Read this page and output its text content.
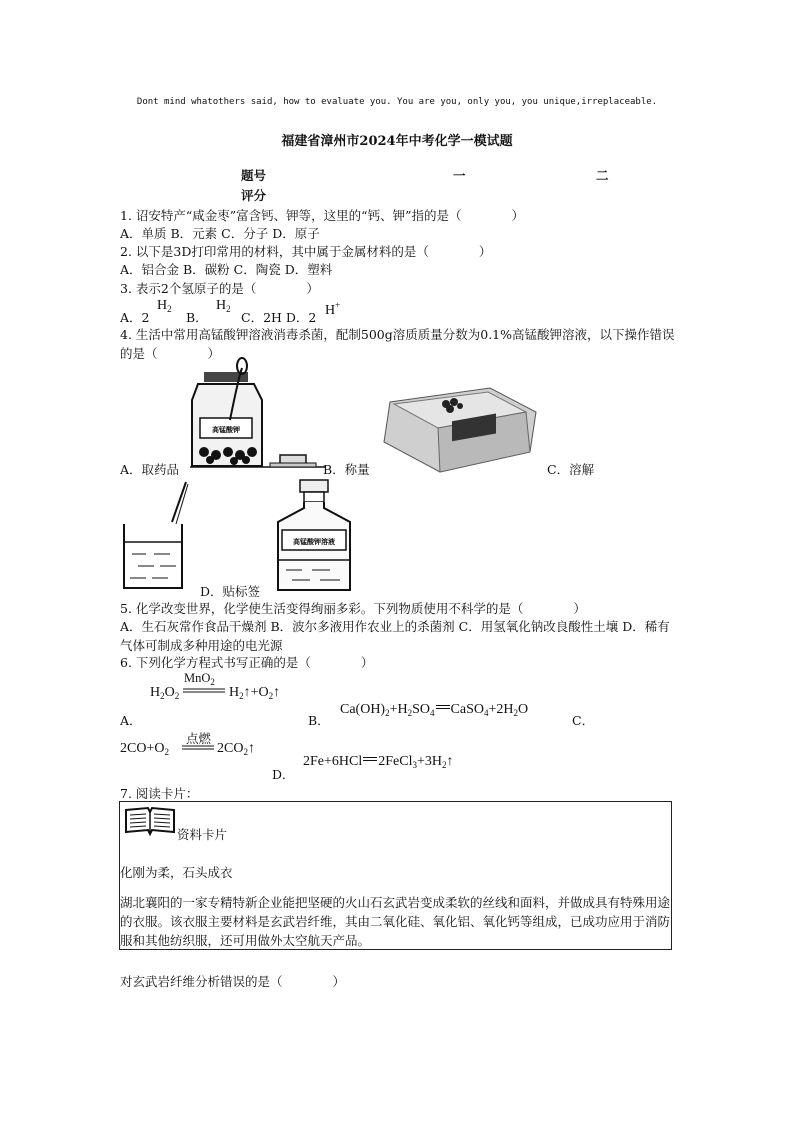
Dont mind whatothers said, how to evaluate you. You are you, only you, you unique,irreplaceable.
福建省漳州市2024年中考化学一模试题
题号	一	二
评分
1. 诏安特产“咸金枣”富含钙、钾等，这里的“钙、钾”指的是（　　　　）
A．单质 B．元素 C．分子 D．原子
2. 以下是3D打印常用的材料，其中属于金属材料的是（　　　　）
A．铝合金 B．碳粉 C．陶瓷 D．塑料
3. 表示2个氢原子的是（　　　　）
A．2
$H_2$
B．
$H_2$
C．2H D．2 H+
4. 生活中常用高锰酸钾溶液消毒杀菌，配制500g溶质质量分数为0.1%高锰酸钾溶液，以下操作错误的是（　　　　）
高锰酸钾
A．取药品	B．称量	C．溶解
高锰酸钾溶液
D．贴标签
5. 化学改变世界，化学使生活变得绚丽多彩。下列物质使用不科学的是（　　　　）
A．生石灰常作食品干燥剂 B．波尔多液用作农业上的杀菌剂 C．用氢氧化钠改良酸性土壤 D．稀有气体可制成多种用途的电光源
6. 下列化学方程式书写正确的是（　　　　）
MnO$_2$
$H_2O_2$	$H_2↑+O_2↑$
A．	B．
$Ca(OH)_2+H_2SO_4$ $CaSO_4+2H_2O$
C．
点燃
$2CO+O_2$	$2CO_2↑$
D．
2Fe+6HCl $2FeCl_3+3H_2↑$
7. 阅读卡片：
资料卡片
化刚为柔，石头成衣
湖北襄阳的一家专精特新企业能把坚硬的火山石玄武岩变成柔软的丝线和面料，并做成具有特殊用途的衣服。该衣服主要材料是玄武岩纤维，其由二氧化硅、氧化铝、氧化钙等组成，已成功应用于消防服和其他纺织服，还可用做外太空航天产品。
对玄武岩纤维分析错误的是（　　　　）
